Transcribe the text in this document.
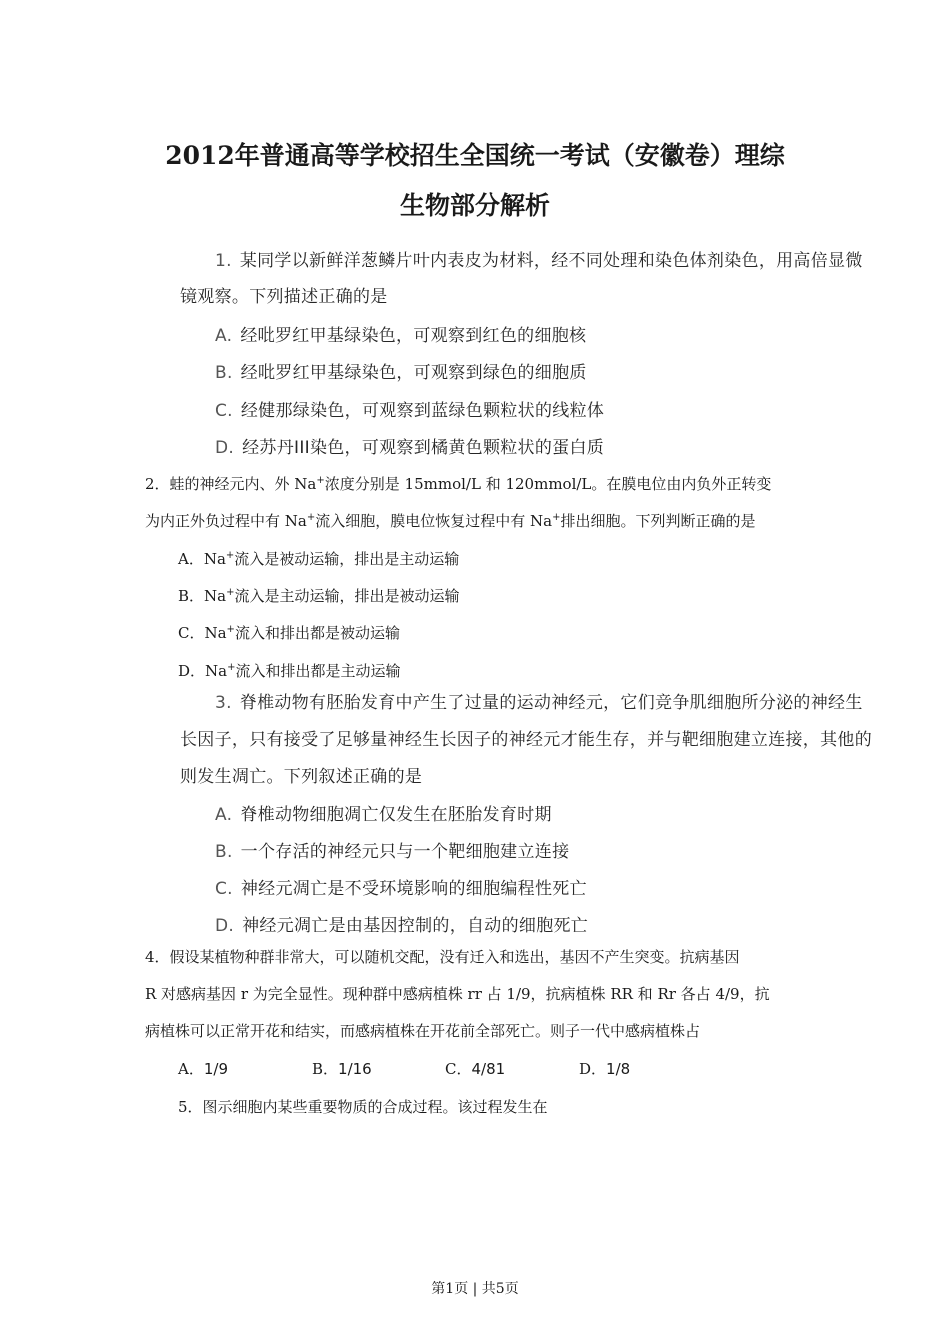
2012年普通高等学校招生全国统一考试（安徽卷）理综
生物部分解析
1. 某同学以新鲜洋葱鳞片叶内表皮为材料，经不同处理和染色体剂染色，用高倍显微
镜观察。下列描述正确的是
A. 经吡罗红甲基绿染色，可观察到红色的细胞核
B. 经吡罗红甲基绿染色，可观察到绿色的细胞质
C. 经健那绿染色，可观察到蓝绿色颗粒状的线粒体
D. 经苏丹III染色，可观察到橘黄色颗粒状的蛋白质
2．蛙的神经元内、外 Na+浓度分别是 15mmol/L 和 120mmol/L。在膜电位由内负外正转变
为内正外负过程中有 Na+流入细胞，膜电位恢复过程中有 Na+排出细胞。下列判断正确的是
A．Na+流入是被动运输，排出是主动运输
B．Na+流入是主动运输，排出是被动运输
C．Na+流入和排出都是被动运输
D．Na+流入和排出都是主动运输
3. 脊椎动物有胚胎发育中产生了过量的运动神经元，它们竞争肌细胞所分泌的神经生
长因子，只有接受了足够量神经生长因子的神经元才能生存，并与靶细胞建立连接，其他的
则发生凋亡。下列叙述正确的是
A. 脊椎动物细胞凋亡仅发生在胚胎发育时期
B. 一个存活的神经元只与一个靶细胞建立连接
C. 神经元凋亡是不受环境影响的细胞编程性死亡
D. 神经元凋亡是由基因控制的，自动的细胞死亡
4．假设某植物种群非常大，可以随机交配，没有迁入和选出，基因不产生突变。抗病基因
R 对感病基因 r 为完全显性。现种群中感病植株 rr 占 1/9，抗病植株 RR 和 Rr 各占 4/9，抗
病植株可以正常开花和结实，而感病植株在开花前全部死亡。则子一代中感病植株占
A．1/9	B．1/16	C．4/81	D．1/8
5．图示细胞内某些重要物质的合成过程。该过程发生在
第1页 | 共5页
